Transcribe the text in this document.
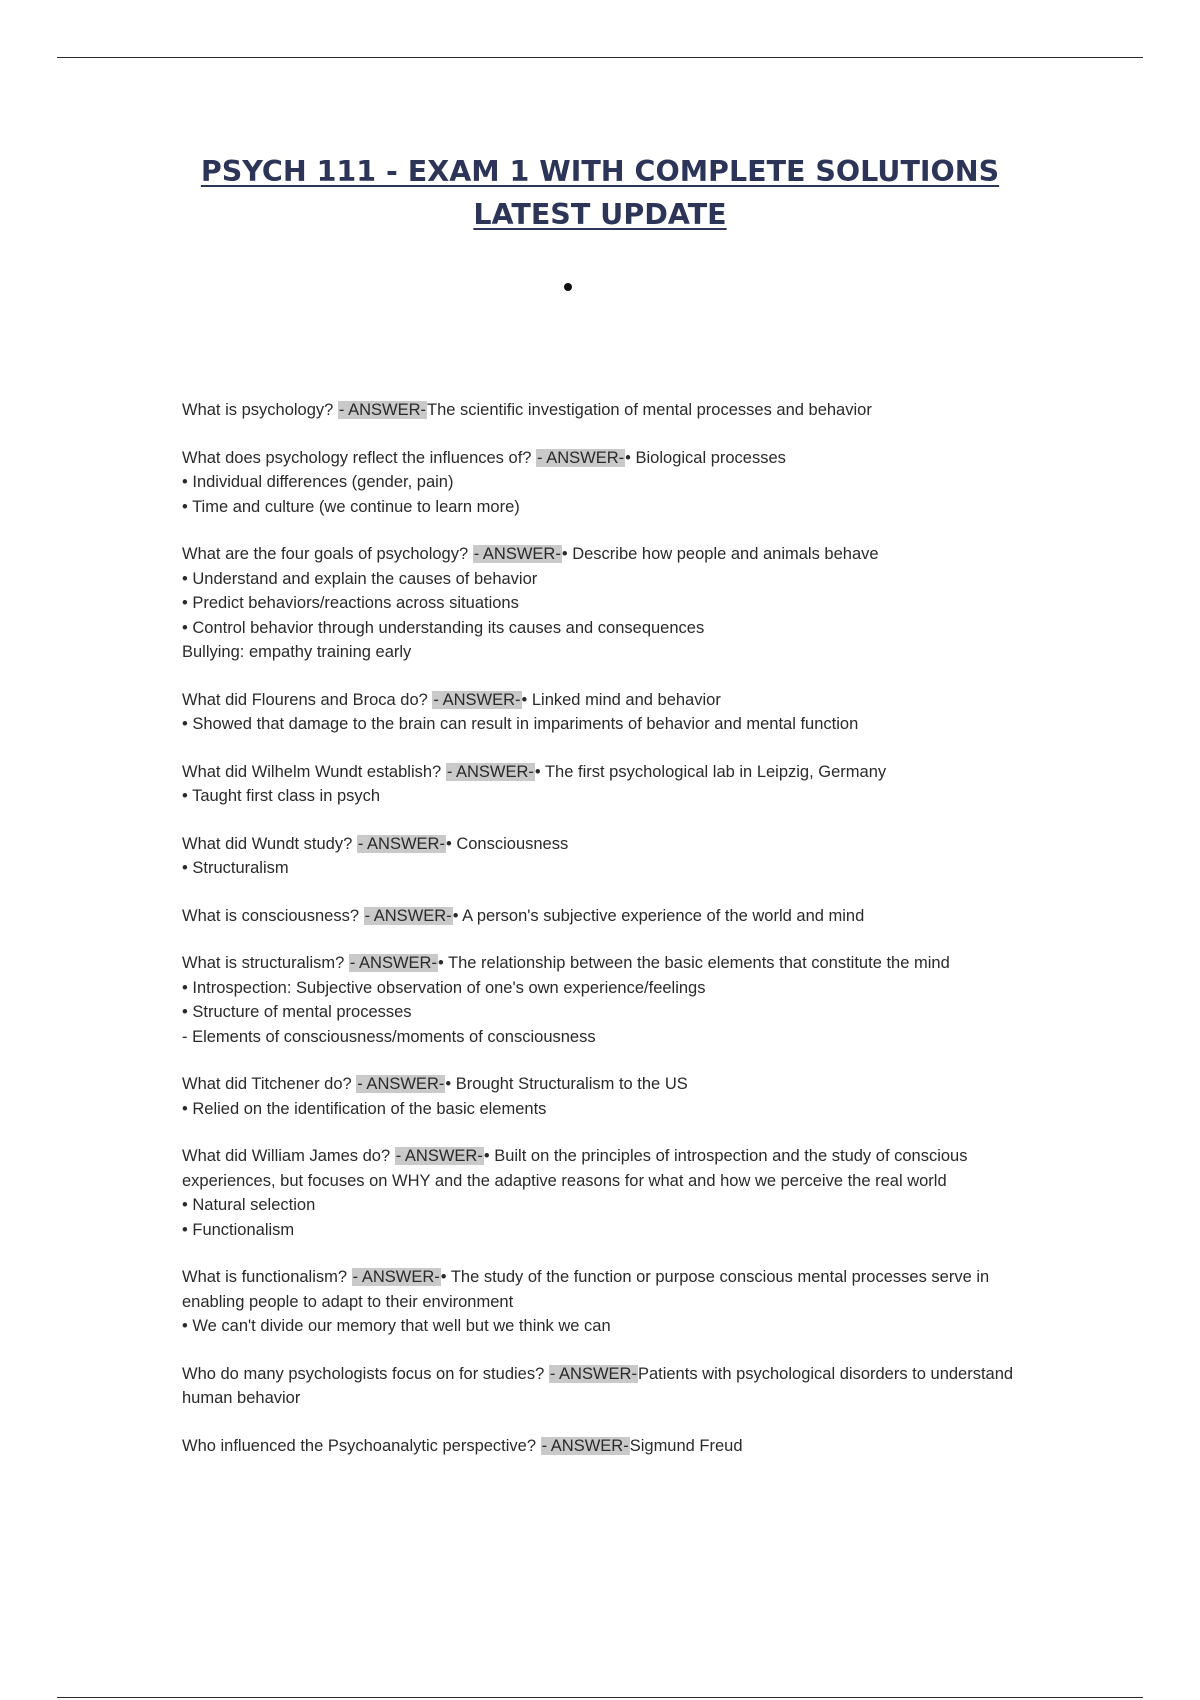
PSYCH 111 - EXAM 1 WITH COMPLETE SOLUTIONS
LATEST UPDATE
What is psychology? - ANSWER-The scientific investigation of mental processes and behavior
What does psychology reflect the influences of? - ANSWER-• Biological processes
• Individual differences (gender, pain)
• Time and culture (we continue to learn more)
What are the four goals of psychology? - ANSWER-• Describe how people and animals behave
• Understand and explain the causes of behavior
• Predict behaviors/reactions across situations
• Control behavior through understanding its causes and consequences
Bullying: empathy training early
What did Flourens and Broca do? - ANSWER-• Linked mind and behavior
• Showed that damage to the brain can result in impariments of behavior and mental function
What did Wilhelm Wundt establish? - ANSWER-• The first psychological lab in Leipzig, Germany
• Taught first class in psych
What did Wundt study? - ANSWER-• Consciousness
• Structuralism
What is consciousness? - ANSWER-• A person's subjective experience of the world and mind
What is structuralism? - ANSWER-• The relationship between the basic elements that constitute the mind
• Introspection: Subjective observation of one's own experience/feelings
• Structure of mental processes
- Elements of consciousness/moments of consciousness
What did Titchener do? - ANSWER-• Brought Structuralism to the US
• Relied on the identification of the basic elements
What did William James do? - ANSWER-• Built on the principles of introspection and the study of conscious experiences, but focuses on WHY and the adaptive reasons for what and how we perceive the real world
• Natural selection
• Functionalism
What is functionalism? - ANSWER-• The study of the function or purpose conscious mental processes serve in enabling people to adapt to their environment
• We can't divide our memory that well but we think we can
Who do many psychologists focus on for studies? - ANSWER-Patients with psychological disorders to understand human behavior
Who influenced the Psychoanalytic perspective? - ANSWER-Sigmund Freud
